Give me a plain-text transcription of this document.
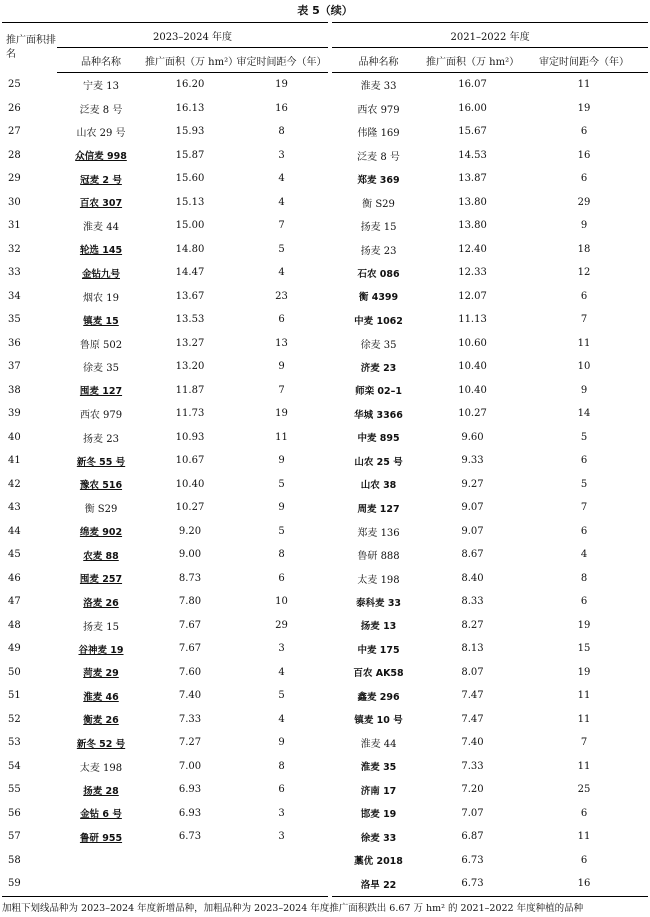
表 5（续）
推广面积排名	2023–2024 年度			2021–2022 年度		
	品种名称	推广面积（万 hm²）	审定时间距今（年）	品种名称	推广面积（万 hm²）	审定时间距今（年）
25	宁麦 13	16.20	19	淮麦 33	16.07	11
26	泛麦 8 号	16.13	16	西农 979	16.00	19
27	山农 29 号	15.93	8	伟隆 169	15.67	6
28	众信麦 998	15.87	3	泛麦 8 号	14.53	16
29	冠麦 2 号	15.60	4	郑麦 369	13.87	6
30	百农 307	15.13	4	衡 S29	13.80	29
31	淮麦 44	15.00	7	扬麦 15	13.80	9
32	轮选 145	14.80	5	扬麦 23	12.40	18
33	金钻九号	14.47	4	石农 086	12.33	12
34	烟农 19	13.67	23	衡 4399	12.07	6
35	镇麦 15	13.53	6	中麦 1062	11.13	7
36	鲁原 502	13.27	13	徐麦 35	10.60	11
37	徐麦 35	13.20	9	济麦 23	10.40	10
38	囤麦 127	11.87	7	师栾 02–1	10.40	9
39	西农 979	11.73	19	华城 3366	10.27	14
40	扬麦 23	10.93	11	中麦 895	9.60	5
41	新冬 55 号	10.67	9	山农 25 号	9.33	6
42	豫农 516	10.40	5	山农 38	9.27	5
43	衡 S29	10.27	9	周麦 127	9.07	7
44	绵麦 902	9.20	5	郑麦 136	9.07	6
45	农麦 88	9.00	8	鲁研 888	8.67	4
46	囤麦 257	8.73	6	太麦 198	8.40	8
47	洛麦 26	7.80	10	泰科麦 33	8.33	6
48	扬麦 15	7.67	29	扬麦 13	8.27	19
49	谷神麦 19	7.67	3	中麦 175	8.13	15
50	菏麦 29	7.60	4	百农 AK58	8.07	19
51	淮麦 46	7.40	5	鑫麦 296	7.47	11
52	衡麦 26	7.33	4	镇麦 10 号	7.47	11
53	新冬 52 号	7.27	9	淮麦 44	7.40	7
54	太麦 198	7.00	8	淮麦 35	7.33	11
55	扬麦 28	6.93	6	济南 17	7.20	25
56	金钻 6 号	6.93	3	邯麦 19	7.07	6
57	鲁研 955	6.73	3	徐麦 33	6.87	11
58				藁优 2018	6.73	6
59				洛旱 22	6.73	16
加粗下划线品种为 2023–2024 年度新增品种，加粗品种为 2023–2024 年度推广面积跌出 6.67 万 hm² 的 2021–2022 年度种植的品种
